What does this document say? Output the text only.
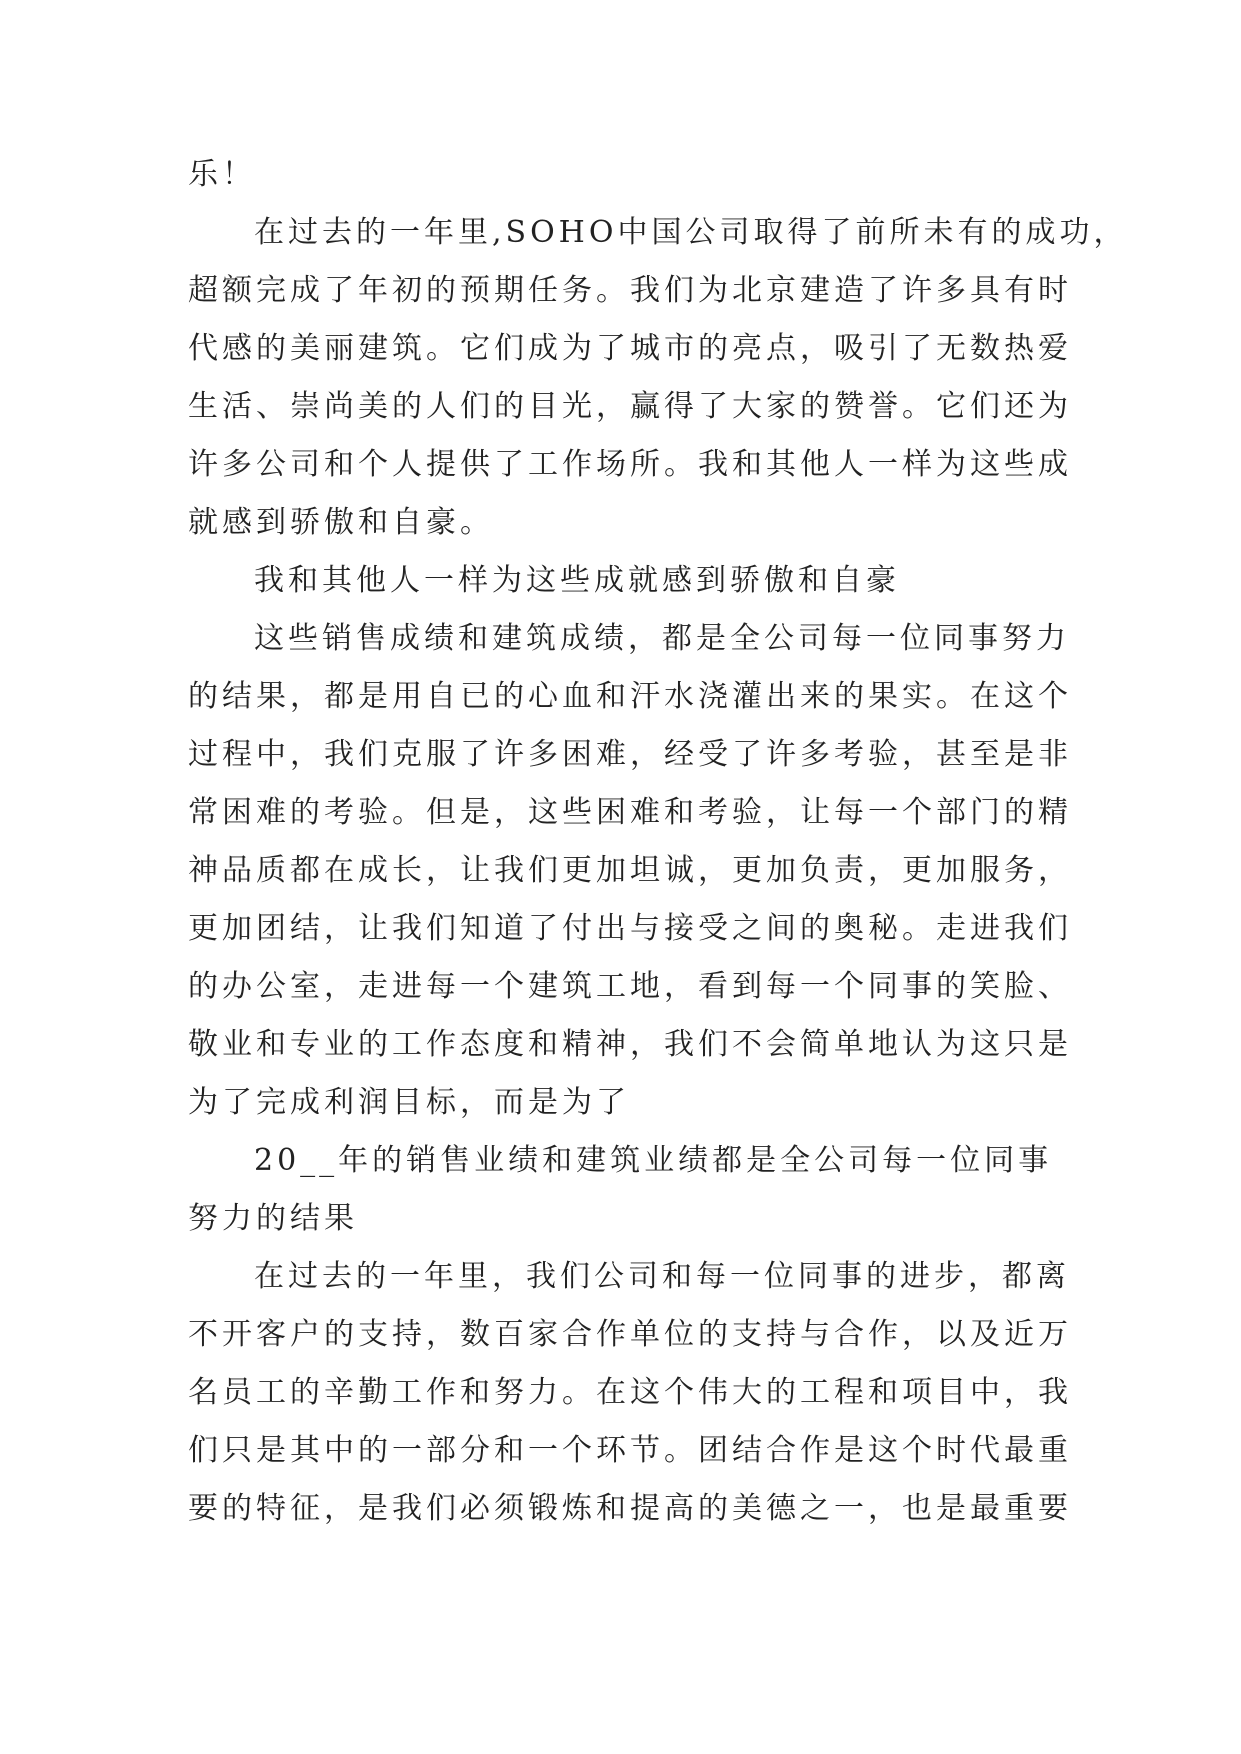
乐！
在过去的一年里,SOHO中国公司取得了前所未有的成功，
超额完成了年初的预期任务。我们为北京建造了许多具有时
代感的美丽建筑。它们成为了城市的亮点，吸引了无数热爱
生活、崇尚美的人们的目光，赢得了大家的赞誉。它们还为
许多公司和个人提供了工作场所。我和其他人一样为这些成
就感到骄傲和自豪。
我和其他人一样为这些成就感到骄傲和自豪
这些销售成绩和建筑成绩，都是全公司每一位同事努力
的结果，都是用自已的心血和汗水浇灌出来的果实。在这个
过程中，我们克服了许多困难，经受了许多考验，甚至是非
常困难的考验。但是，这些困难和考验，让每一个部门的精
神品质都在成长，让我们更加坦诚，更加负责，更加服务，
更加团结，让我们知道了付出与接受之间的奥秘。走进我们
的办公室，走进每一个建筑工地，看到每一个同事的笑脸、
敬业和专业的工作态度和精神，我们不会简单地认为这只是
为了完成利润目标，而是为了
20__年的销售业绩和建筑业绩都是全公司每一位同事
努力的结果
在过去的一年里，我们公司和每一位同事的进步，都离
不开客户的支持，数百家合作单位的支持与合作，以及近万
名员工的辛勤工作和努力。在这个伟大的工程和项目中，我
们只是其中的一部分和一个环节。团结合作是这个时代最重
要的特征，是我们必须锻炼和提高的美德之一，也是最重要
